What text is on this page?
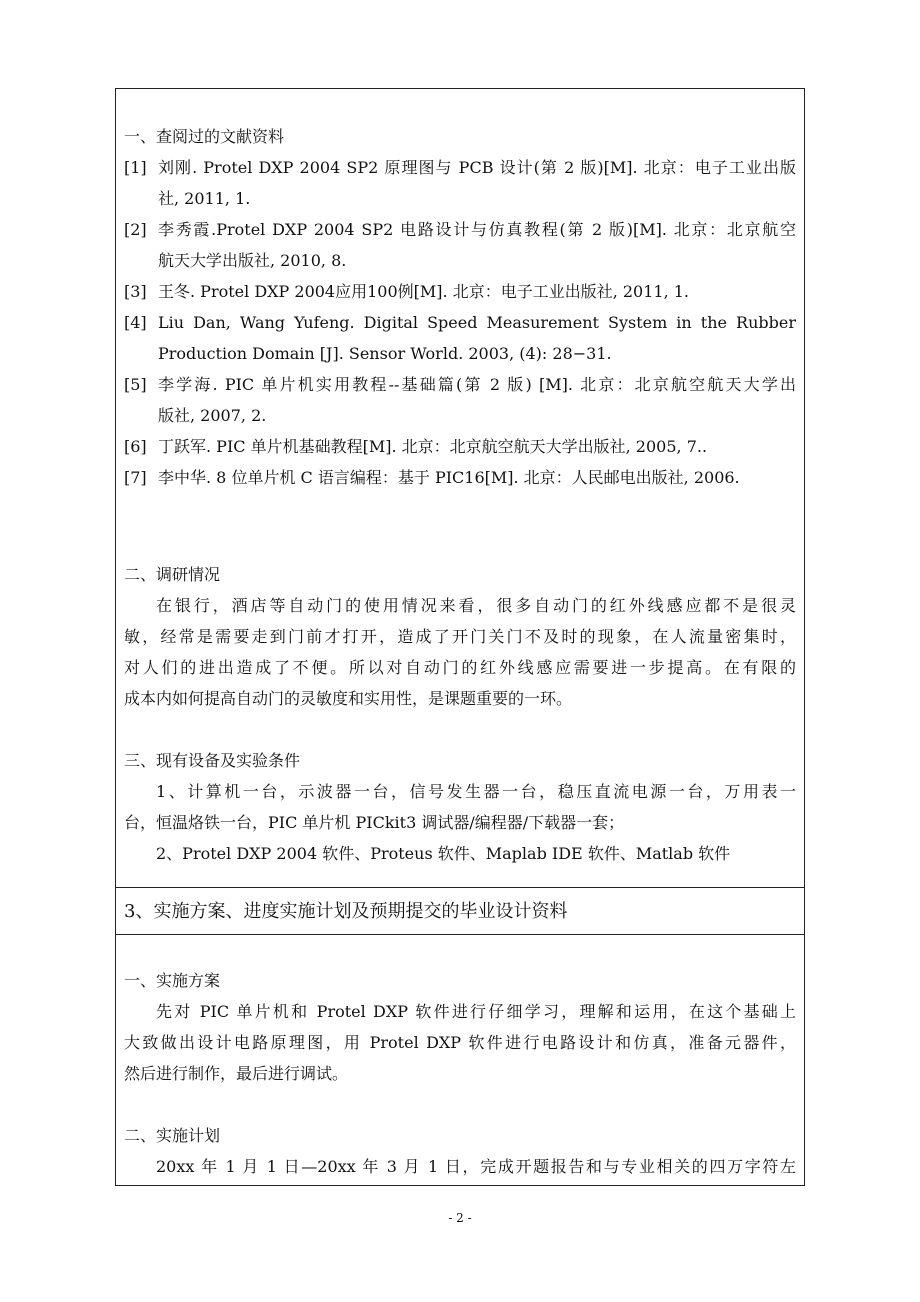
一、查阅过的文献资料
[1] 刘刚. Protel DXP 2004 SP2 原理图与 PCB 设计(第 2 版)[M]. 北京：电子工业出版
社, 2011, 1.
[2] 李秀霞.Protel DXP 2004 SP2 电路设计与仿真教程(第 2 版)[M]. 北京：北京航空
航天大学出版社, 2010, 8.
[3] 王冬. Protel DXP 2004应用100例[M]. 北京：电子工业出版社, 2011, 1.
[4] Liu Dan, Wang Yufeng. Digital Speed Measurement System in the Rubber
Production Domain [J]. Sensor World. 2003, (4): 28−31.
[5] 李学海. PIC 单片机实用教程--基础篇(第 2 版) [M]. 北京：北京航空航天大学出
版社, 2007, 2.
[6] 丁跃军. PIC 单片机基础教程[M]. 北京：北京航空航天大学出版社, 2005, 7..
[7] 李中华. 8 位单片机 C 语言编程：基于 PIC16[M]. 北京：人民邮电出版社, 2006.
二、调研情况
在银行，酒店等自动门的使用情况来看，很多自动门的红外线感应都不是很灵
敏，经常是需要走到门前才打开，造成了开门关门不及时的现象，在人流量密集时，
对人们的进出造成了不便。所以对自动门的红外线感应需要进一步提高。在有限的
成本内如何提高自动门的灵敏度和实用性，是课题重要的一环。
三、现有设备及实验条件
1、计算机一台，示波器一台，信号发生器一台，稳压直流电源一台，万用表一
台，恒温烙铁一台，PIC 单片机 PICkit3 调试器/编程器/下载器一套；
2、Protel DXP 2004 软件、Proteus 软件、Maplab IDE 软件、Matlab 软件
3、实施方案、进度实施计划及预期提交的毕业设计资料
一、实施方案
先对 PIC 单片机和 Protel DXP 软件进行仔细学习，理解和运用，在这个基础上
大致做出设计电路原理图，用 Protel DXP 软件进行电路设计和仿真，准备元器件，
然后进行制作，最后进行调试。
二、实施计划
20xx 年 1 月 1 日—20xx 年 3 月 1 日，完成开题报告和与专业相关的四万字符左
- 2 -
